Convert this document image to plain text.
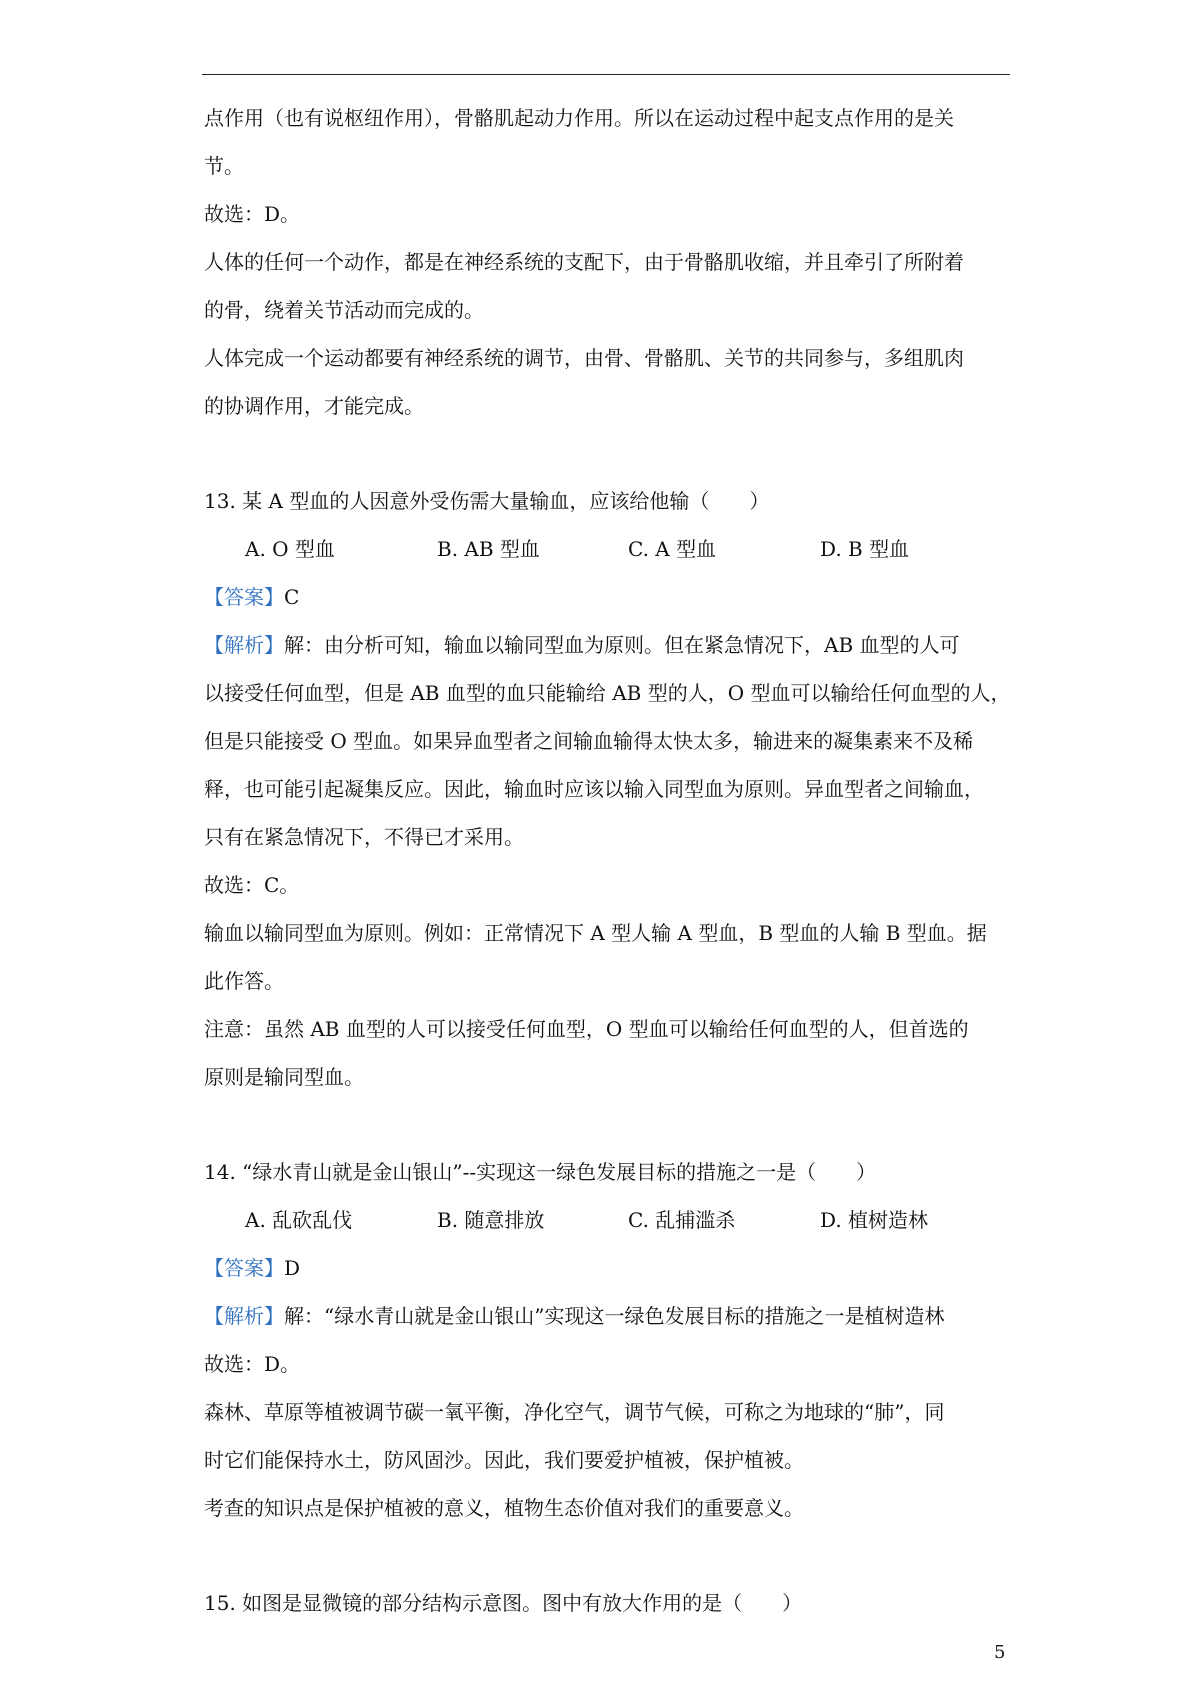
点作用（也有说枢纽作用），骨骼肌起动力作用。所以在运动过程中起支点作用的是关
节。
故选：D。
人体的任何一个动作，都是在神经系统的支配下，由于骨骼肌收缩，并且牵引了所附着
的骨，绕着关节活动而完成的。
人体完成一个运动都要有神经系统的调节，由骨、骨骼肌、关节的共同参与，多组肌肉
的协调作用，才能完成。
13. 某 A 型血的人因意外受伤需大量输血，应该给他输（　　）
A. O 型血	B. AB 型血	C. A 型血	D. B 型血
【答案】C
【解析】解：由分析可知，输血以输同型血为原则。但在紧急情况下，AB 血型的人可
以接受任何血型，但是 AB 血型的血只能输给 AB 型的人，O 型血可以输给任何血型的人，
但是只能接受 O 型血。如果异血型者之间输血输得太快太多，输进来的凝集素来不及稀
释，也可能引起凝集反应。因此，输血时应该以输入同型血为原则。异血型者之间输血，
只有在紧急情况下，不得已才采用。
故选：C。
输血以输同型血为原则。例如：正常情况下 A 型人输 A 型血，B 型血的人输 B 型血。据
此作答。
注意：虽然 AB 血型的人可以接受任何血型，O 型血可以输给任何血型的人，但首选的
原则是输同型血。
14. “绿水青山就是金山银山”--实现这一绿色发展目标的措施之一是（　　）
A. 乱砍乱伐	B. 随意排放	C. 乱捕滥杀	D. 植树造林
【答案】D
【解析】解：“绿水青山就是金山银山”实现这一绿色发展目标的措施之一是植树造林
故选：D。
森林、草原等植被调节碳一氧平衡，净化空气，调节气候，可称之为地球的“肺”，同
时它们能保持水土，防风固沙。因此，我们要爱护植被，保护植被。
考查的知识点是保护植被的意义，植物生态价值对我们的重要意义。
15. 如图是显微镜的部分结构示意图。图中有放大作用的是（　　）
5
